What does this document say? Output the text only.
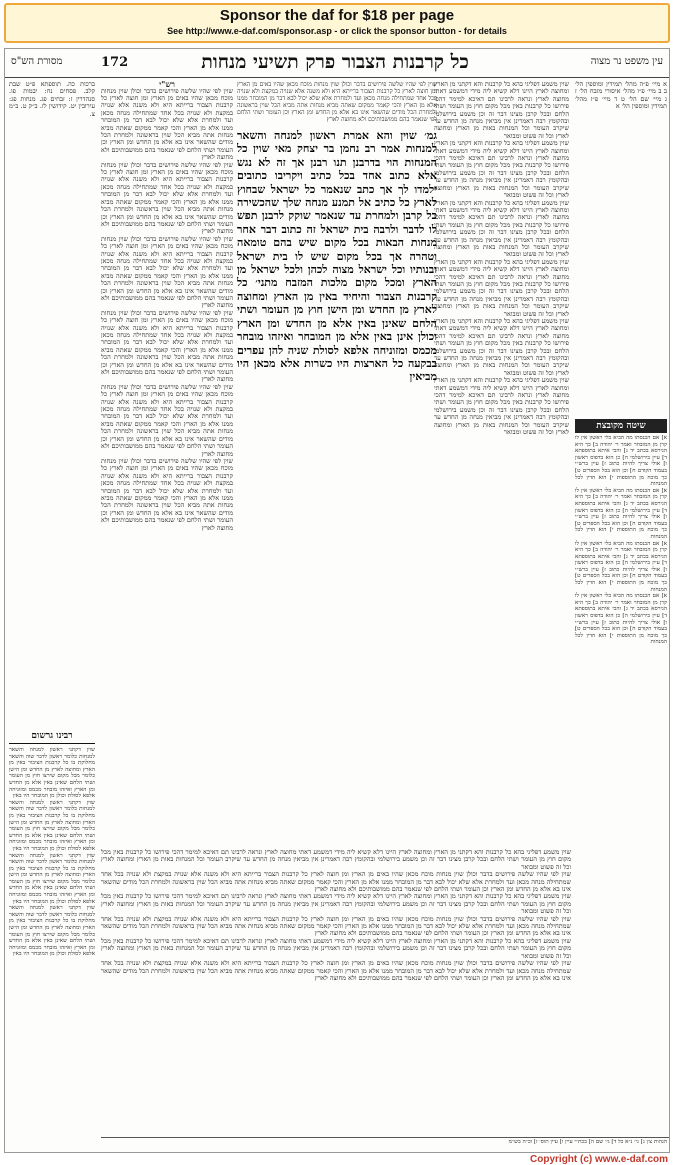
Sponsor the daf for $18 per page
See http://www.e-daf.com/sponsor.asp - or click the sponsor button - for details
מסורת הש"ס	172	כל קרבנות הצבור פרק תשיעי מנחות	עין משפט נר מצוה
א מיי׳ פ״ה מהל׳ תמידין ומוספין הל׳ ב ב מיי׳ פ״ו מהל׳ איסורי מזבח הל׳ ז ג מיי׳ שם הל׳ ט ד מיי׳ פ״ז מהל׳ תמידין ומוספין הל׳ א
שיטה מקובצת
א] אם הכנסתו מה הביא כלי ראשון אין לו קרן מן המובחר ואמר ר׳ יהודה ב] כך היא הגירסא בכתב יד ג] והכי איתא בתוספתא ד] עיין בירושלמי ה] כן הוא בדפוס ראשון ו] אולי צריך להיות כתוב ז] עיין ברש״י בעמוד הקודם ח] וכן הוא בכל הספרים ט] כך מוכח מן התוספות י] הוא הדין לכל המנחות
א] אם הכנסתו מה הביא כלי ראשון אין לו קרן מן המובחר ואמר ר׳ יהודה ב] כך היא הגירסא בכתב יד ג] והכי איתא בתוספתא ד] עיין בירושלמי ה] כן הוא בדפוס ראשון ו] אולי צריך להיות כתוב ז] עיין ברש״י בעמוד הקודם ח] וכן הוא בכל הספרים ט] כך מוכח מן התוספות י] הוא הדין לכל המנחות
א] אם הכנסתו מה הביא כלי ראשון אין לו קרן מן המובחר ואמר ר׳ יהודה ב] כך היא הגירסא בכתב יד ג] והכי איתא בתוספתא ד] עיין בירושלמי ה] כן הוא בדפוס ראשון ו] אולי צריך להיות כתוב ז] עיין ברש״י בעמוד הקודם ח] וכן הוא בכל הספרים ט] כך מוכח מן התוספות י] הוא הדין לכל המנחות
א] אם הכנסתו מה הביא כלי ראשון אין לו קרן מן המובחר ואמר ר׳ יהודה ב] כך היא הגירסא בכתב יד ג] והכי איתא בתוספתא ד] עיין בירושלמי ה] כן הוא בדפוס ראשון ו] אולי צריך להיות כתוב ז] עיין ברש״י בעמוד הקודם ח] וכן הוא בכל הספרים ט] כך מוכח מן התוספות י] הוא הדין לכל המנחות
שוין משמע דפליגי בהא כל קרבנות והא דקתני מן הארץ ומחוצה לארץ היינו דלא קשיא ליה מידי דמשמע דאתי מחוצה לארץ ונראה לרבינו תם דאיכא למימר דהכי פירושו כל קרבנות באין מכל מקום חוץ מן העומר ושתי הלחם ובכל קרבן מצינו דבר זה וכן משמע בירושלמי ובהקומץ רבה דאמרינן אין מביאין מנחה מן החדש עד שיקרב העומר וכל המנחות באות מן הארץ ומחוצה לארץ וכל זה פשוט ומבואר
שוין משמע דפליגי בהא כל קרבנות והא דקתני מן הארץ ומחוצה לארץ היינו דלא קשיא ליה מידי דמשמע דאתי מחוצה לארץ ונראה לרבינו תם דאיכא למימר דהכי פירושו כל קרבנות באין מכל מקום חוץ מן העומר ושתי הלחם ובכל קרבן מצינו דבר זה וכן משמע בירושלמי ובהקומץ רבה דאמרינן אין מביאין מנחה מן החדש עד שיקרב העומר וכל המנחות באות מן הארץ ומחוצה לארץ וכל זה פשוט ומבואר
שוין משמע דפליגי בהא כל קרבנות והא דקתני מן הארץ ומחוצה לארץ היינו דלא קשיא ליה מידי דמשמע דאתי מחוצה לארץ ונראה לרבינו תם דאיכא למימר דהכי פירושו כל קרבנות באין מכל מקום חוץ מן העומר ושתי הלחם ובכל קרבן מצינו דבר זה וכן משמע בירושלמי ובהקומץ רבה דאמרינן אין מביאין מנחה מן החדש עד שיקרב העומר וכל המנחות באות מן הארץ ומחוצה לארץ וכל זה פשוט ומבואר
שוין משמע דפליגי בהא כל קרבנות והא דקתני מן הארץ ומחוצה לארץ היינו דלא קשיא ליה מידי דמשמע דאתי מחוצה לארץ ונראה לרבינו תם דאיכא למימר דהכי פירושו כל קרבנות באין מכל מקום חוץ מן העומר ושתי הלחם ובכל קרבן מצינו דבר זה וכן משמע בירושלמי ובהקומץ רבה דאמרינן אין מביאין מנחה מן החדש עד שיקרב העומר וכל המנחות באות מן הארץ ומחוצה לארץ וכל זה פשוט ומבואר
שוין משמע דפליגי בהא כל קרבנות והא דקתני מן הארץ ומחוצה לארץ היינו דלא קשיא ליה מידי דמשמע דאתי מחוצה לארץ ונראה לרבינו תם דאיכא למימר דהכי פירושו כל קרבנות באין מכל מקום חוץ מן העומר ושתי הלחם ובכל קרבן מצינו דבר זה וכן משמע בירושלמי ובהקומץ רבה דאמרינן אין מביאין מנחה מן החדש עד שיקרב העומר וכל המנחות באות מן הארץ ומחוצה לארץ וכל זה פשוט ומבואר
שוין משמע דפליגי בהא כל קרבנות והא דקתני מן הארץ ומחוצה לארץ היינו דלא קשיא ליה מידי דמשמע דאתי מחוצה לארץ ונראה לרבינו תם דאיכא למימר דהכי פירושו כל קרבנות באין מכל מקום חוץ מן העומר ושתי הלחם ובכל קרבן מצינו דבר זה וכן משמע בירושלמי ובהקומץ רבה דאמרינן אין מביאין מנחה מן החדש עד שיקרב העומר וכל המנחות באות מן הארץ ומחוצה לארץ וכל זה פשוט ומבואר
שוין לפי שהיו שלשה פירושים בדבר וכולן שוין מנחות מוכח מכאן שהיו באים מן הארץ ומן חוצה לארץ כל קרבנות הצבור ברייתא היא ולא משנה אלא שנויה במקצת ולא שנויה בכל אחד שמתחילה מנחה מכאן ועד ולמחרת אלא שלא יכול לבא דבר מן המובחר ממנו אלא מן הארץ והכי קאמר ממקום שאתה מביא מנחות אתה מביא הכל שוין בראשונה ולמחרת הכל מודים שהשאר אינו בא אלא מן החדש ומן הארץ וכן העומר ושתי הלחם לפי שנאמר בהם ממושבותיכם ולא מחוצה לארץ
גמ׳ שוין והא אמרת ראשון למנחה והשאר למנחות אמר רב נחמן בר יצחק מאי שוין כל המנחות הוי בדרבנן תנו רבנן אך זה לא נגש אלא כתוב אחד בכל כתיב ויקריבו כתובים ילמדו לך אך כתב שנאמר כל ישראל שבחוץ לארץ כל כתיב אל תמנע מנחה שלך שהכשירה כל קרבן ולמחרת עד שנאמר שוקק לרבנן תפש לו לדבר ולרבה בית ישראל זה כתוב דבר אחר מנחות הבאות בכל מקום שיש בהם טומאה וטהרה אך בכל מקום שיש לו בית ישראל ובנותיו וכל ישראל מצוה לכהן ולכל ישראל מן הארץ ומכל מקום מלכות המזבח מתני׳ כל קרבנות הצבור והיחיד באין מן הארץ ומחוצה לארץ מן החדש ומן הישן חוץ מן העומר ושתי הלחם שאינן באין אלא מן החדש ומן הארץ וכולן אינן באין אלא מן המובחר ואיזהו מובחר מכמס ומזוניחה אלפא לסולת שניה להן עפרים בבקעה כל הארצות היו כשרות אלא מכאן היו מביאין
רש"י
שוין לפי שהיו שלשה פירושים בדבר וכולן שוין מנחות מוכח מכאן שהיו באים מן הארץ ומן חוצה לארץ כל קרבנות הצבור ברייתא היא ולא משנה אלא שנויה במקצת ולא שנויה בכל אחד שמתחילה מנחה מכאן ועד ולמחרת אלא שלא יכול לבא דבר מן המובחר ממנו אלא מן הארץ והכי קאמר ממקום שאתה מביא מנחות אתה מביא הכל שוין בראשונה ולמחרת הכל מודים שהשאר אינו בא אלא מן החדש ומן הארץ וכן העומר ושתי הלחם לפי שנאמר בהם ממושבותיכם ולא מחוצה לארץ
שוין לפי שהיו שלשה פירושים בדבר וכולן שוין מנחות מוכח מכאן שהיו באים מן הארץ ומן חוצה לארץ כל קרבנות הצבור ברייתא היא ולא משנה אלא שנויה במקצת ולא שנויה בכל אחד שמתחילה מנחה מכאן ועד ולמחרת אלא שלא יכול לבא דבר מן המובחר ממנו אלא מן הארץ והכי קאמר ממקום שאתה מביא מנחות אתה מביא הכל שוין בראשונה ולמחרת הכל מודים שהשאר אינו בא אלא מן החדש ומן הארץ וכן העומר ושתי הלחם לפי שנאמר בהם ממושבותיכם ולא מחוצה לארץ
שוין לפי שהיו שלשה פירושים בדבר וכולן שוין מנחות מוכח מכאן שהיו באים מן הארץ ומן חוצה לארץ כל קרבנות הצבור ברייתא היא ולא משנה אלא שנויה במקצת ולא שנויה בכל אחד שמתחילה מנחה מכאן ועד ולמחרת אלא שלא יכול לבא דבר מן המובחר ממנו אלא מן הארץ והכי קאמר ממקום שאתה מביא מנחות אתה מביא הכל שוין בראשונה ולמחרת הכל מודים שהשאר אינו בא אלא מן החדש ומן הארץ וכן העומר ושתי הלחם לפי שנאמר בהם ממושבותיכם ולא מחוצה לארץ
שוין לפי שהיו שלשה פירושים בדבר וכולן שוין מנחות מוכח מכאן שהיו באים מן הארץ ומן חוצה לארץ כל קרבנות הצבור ברייתא היא ולא משנה אלא שנויה במקצת ולא שנויה בכל אחד שמתחילה מנחה מכאן ועד ולמחרת אלא שלא יכול לבא דבר מן המובחר ממנו אלא מן הארץ והכי קאמר ממקום שאתה מביא מנחות אתה מביא הכל שוין בראשונה ולמחרת הכל מודים שהשאר אינו בא אלא מן החדש ומן הארץ וכן העומר ושתי הלחם לפי שנאמר בהם ממושבותיכם ולא מחוצה לארץ
שוין לפי שהיו שלשה פירושים בדבר וכולן שוין מנחות מוכח מכאן שהיו באים מן הארץ ומן חוצה לארץ כל קרבנות הצבור ברייתא היא ולא משנה אלא שנויה במקצת ולא שנויה בכל אחד שמתחילה מנחה מכאן ועד ולמחרת אלא שלא יכול לבא דבר מן המובחר ממנו אלא מן הארץ והכי קאמר ממקום שאתה מביא מנחות אתה מביא הכל שוין בראשונה ולמחרת הכל מודים שהשאר אינו בא אלא מן החדש ומן הארץ וכן העומר ושתי הלחם לפי שנאמר בהם ממושבותיכם ולא מחוצה לארץ
שוין לפי שהיו שלשה פירושים בדבר וכולן שוין מנחות מוכח מכאן שהיו באים מן הארץ ומן חוצה לארץ כל קרבנות הצבור ברייתא היא ולא משנה אלא שנויה במקצת ולא שנויה בכל אחד שמתחילה מנחה מכאן ועד ולמחרת אלא שלא יכול לבא דבר מן המובחר ממנו אלא מן הארץ והכי קאמר ממקום שאתה מביא מנחות אתה מביא הכל שוין בראשונה ולמחרת הכל מודים שהשאר אינו בא אלא מן החדש ומן הארץ וכן העומר ושתי הלחם לפי שנאמר בהם ממושבותיכם ולא מחוצה לארץ
ברכות כה. תוספתא פ״ט שבת קלב. פסחים נח: יבמות פו. סנהדרין ז: זבחים פג. מנחות פג: עירובין יט. קידושין לז. ב״ק ט. ב״מ צ.
רבינו גרשום
שוין דקתני ראשון למנחה והשאר למנחות כלומר ראשון לדבר שוה והשאר מחלוקת בו כל קרבנות הציבור באין מן הארץ ומחוצה לארץ מן החדש ומן הישן כלומר מכל מקום שירצו חוץ מן העומר ושתי הלחם שאינן באין אלא מן החדש ומן הארץ ואיזהו מובחר מכמס ומזוניחה אלפא לסולת וכולן מן המובחר היו באין
שוין דקתני ראשון למנחה והשאר למנחות כלומר ראשון לדבר שוה והשאר מחלוקת בו כל קרבנות הציבור באין מן הארץ ומחוצה לארץ מן החדש ומן הישן כלומר מכל מקום שירצו חוץ מן העומר ושתי הלחם שאינן באין אלא מן החדש ומן הארץ ואיזהו מובחר מכמס ומזוניחה אלפא לסולת וכולן מן המובחר היו באין
שוין דקתני ראשון למנחה והשאר למנחות כלומר ראשון לדבר שוה והשאר מחלוקת בו כל קרבנות הציבור באין מן הארץ ומחוצה לארץ מן החדש ומן הישן כלומר מכל מקום שירצו חוץ מן העומר ושתי הלחם שאינן באין אלא מן החדש ומן הארץ ואיזהו מובחר מכמס ומזוניחה אלפא לסולת וכולן מן המובחר היו באין
שוין דקתני ראשון למנחה והשאר למנחות כלומר ראשון לדבר שוה והשאר מחלוקת בו כל קרבנות הציבור באין מן הארץ ומחוצה לארץ מן החדש ומן הישן כלומר מכל מקום שירצו חוץ מן העומר ושתי הלחם שאינן באין אלא מן החדש ומן הארץ ואיזהו מובחר מכמס ומזוניחה אלפא לסולת וכולן מן המובחר היו באין
שוין משמע דפליגי בהא כל קרבנות והא דקתני מן הארץ ומחוצה לארץ היינו דלא קשיא ליה מידי דמשמע דאתי מחוצה לארץ ונראה לרבינו תם דאיכא למימר דהכי פירושו כל קרבנות באין מכל מקום חוץ מן העומר ושתי הלחם ובכל קרבן מצינו דבר זה וכן משמע בירושלמי ובהקומץ רבה דאמרינן אין מביאין מנחה מן החדש עד שיקרב העומר וכל המנחות באות מן הארץ ומחוצה לארץ וכל זה פשוט ומבואר
שוין לפי שהיו שלשה פירושים בדבר וכולן שוין מנחות מוכח מכאן שהיו באים מן הארץ ומן חוצה לארץ כל קרבנות הצבור ברייתא היא ולא משנה אלא שנויה במקצת ולא שנויה בכל אחד שמתחילה מנחה מכאן ועד ולמחרת אלא שלא יכול לבא דבר מן המובחר ממנו אלא מן הארץ והכי קאמר ממקום שאתה מביא מנחות אתה מביא הכל שוין בראשונה ולמחרת הכל מודים שהשאר אינו בא אלא מן החדש ומן הארץ וכן העומר ושתי הלחם לפי שנאמר בהם ממושבותיכם ולא מחוצה לארץ
שוין משמע דפליגי בהא כל קרבנות והא דקתני מן הארץ ומחוצה לארץ היינו דלא קשיא ליה מידי דמשמע דאתי מחוצה לארץ ונראה לרבינו תם דאיכא למימר דהכי פירושו כל קרבנות באין מכל מקום חוץ מן העומר ושתי הלחם ובכל קרבן מצינו דבר זה וכן משמע בירושלמי ובהקומץ רבה דאמרינן אין מביאין מנחה מן החדש עד שיקרב העומר וכל המנחות באות מן הארץ ומחוצה לארץ וכל זה פשוט ומבואר
שוין לפי שהיו שלשה פירושים בדבר וכולן שוין מנחות מוכח מכאן שהיו באים מן הארץ ומן חוצה לארץ כל קרבנות הצבור ברייתא היא ולא משנה אלא שנויה במקצת ולא שנויה בכל אחד שמתחילה מנחה מכאן ועד ולמחרת אלא שלא יכול לבא דבר מן המובחר ממנו אלא מן הארץ והכי קאמר ממקום שאתה מביא מנחות אתה מביא הכל שוין בראשונה ולמחרת הכל מודים שהשאר אינו בא אלא מן החדש ומן הארץ וכן העומר ושתי הלחם לפי שנאמר בהם ממושבותיכם ולא מחוצה לארץ
שוין משמע דפליגי בהא כל קרבנות והא דקתני מן הארץ ומחוצה לארץ היינו דלא קשיא ליה מידי דמשמע דאתי מחוצה לארץ ונראה לרבינו תם דאיכא למימר דהכי פירושו כל קרבנות באין מכל מקום חוץ מן העומר ושתי הלחם ובכל קרבן מצינו דבר זה וכן משמע בירושלמי ובהקומץ רבה דאמרינן אין מביאין מנחה מן החדש עד שיקרב העומר וכל המנחות באות מן הארץ ומחוצה לארץ וכל זה פשוט ומבואר
שוין לפי שהיו שלשה פירושים בדבר וכולן שוין מנחות מוכח מכאן שהיו באים מן הארץ ומן חוצה לארץ כל קרבנות הצבור ברייתא היא ולא משנה אלא שנויה במקצת ולא שנויה בכל אחד שמתחילה מנחה מכאן ועד ולמחרת אלא שלא יכול לבא דבר מן המובחר ממנו אלא מן הארץ והכי קאמר ממקום שאתה מביא מנחות אתה מביא הכל שוין בראשונה ולמחרת הכל מודים שהשאר אינו בא אלא מן החדש ומן הארץ וכן העומר ושתי הלחם לפי שנאמר בהם ממושבותיכם ולא מחוצה לארץ
הגהות צ׳ן ג] גי׳ נ״א כל ד] גי׳ שם ה] בכת״י עיין ו] עיין תוס׳ ז] וכ״ה בש״מ
Copyright (c) www.e-daf.com
